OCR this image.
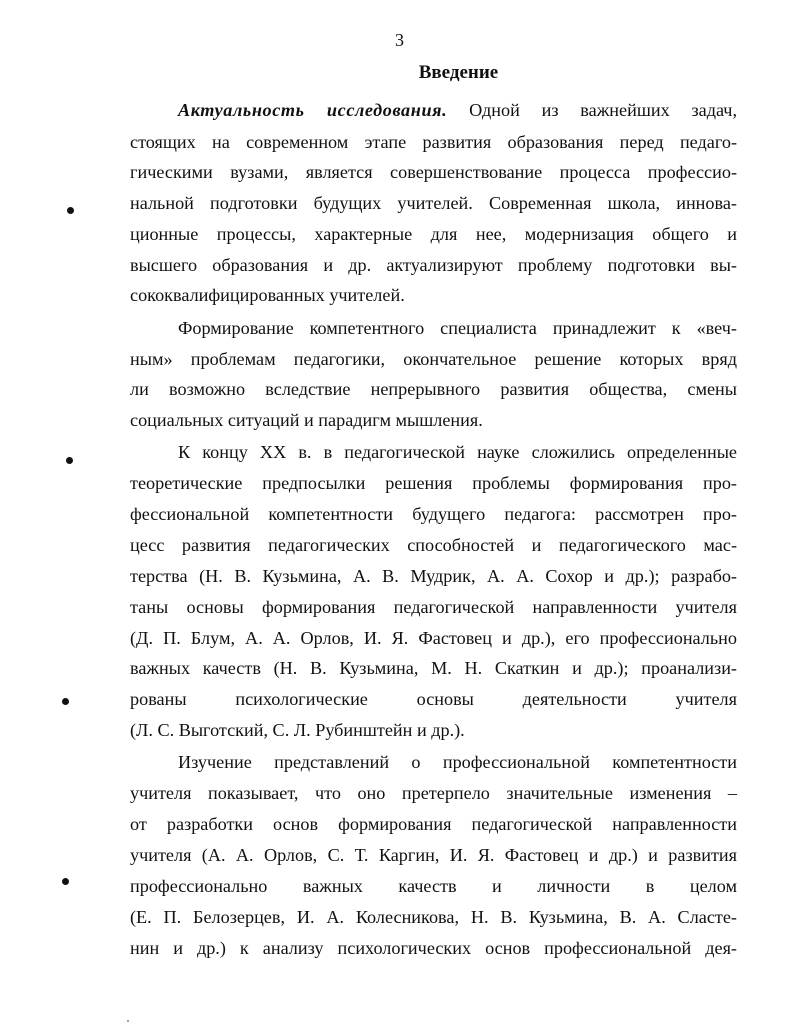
3
Введение
Актуальность исследования. Одной из важнейших задач,
стоящих на современном этапе развития образования перед педаго-
гическими вузами, является совершенствование процесса профессио-
нальной подготовки будущих учителей. Современная школа, иннова-
ционные процессы, характерные для нее, модернизация общего и
высшего образования и др. актуализируют проблему подготовки вы-
сококвалифицированных учителей.
Формирование компетентного специалиста принадлежит к «веч-
ным» проблемам педагогики, окончательное решение которых вряд
ли возможно вследствие непрерывного развития общества, смены
социальных ситуаций и парадигм мышления.
К концу XX в. в педагогической науке сложились определенные
теоретические предпосылки решения проблемы формирования про-
фессиональной компетентности будущего педагога: рассмотрен про-
цесс развития педагогических способностей и педагогического мас-
терства (Н. В. Кузьмина, А. В. Мудрик, А. А. Сохор и др.); разрабо-
таны основы формирования педагогической направленности учителя
(Д. П. Блум, А. А. Орлов, И. Я. Фастовец и др.), его профессионально
важных качеств (Н. В. Кузьмина, М. Н. Скаткин и др.); проанализи-
рованы психологические основы деятельности учителя
(Л. С. Выготский, С. Л. Рубинштейн и др.).
Изучение представлений о профессиональной компетентности
учителя показывает, что оно претерпело значительные изменения –
от разработки основ формирования педагогической направленности
учителя (А. А. Орлов, С. Т. Каргин, И. Я. Фастовец и др.) и развития
профессионально важных качеств и личности в целом
(Е. П. Белозерцев, И. А. Колесникова, Н. В. Кузьмина, В. А. Сласте-
нин и др.) к анализу психологических основ профессиональной дея-
